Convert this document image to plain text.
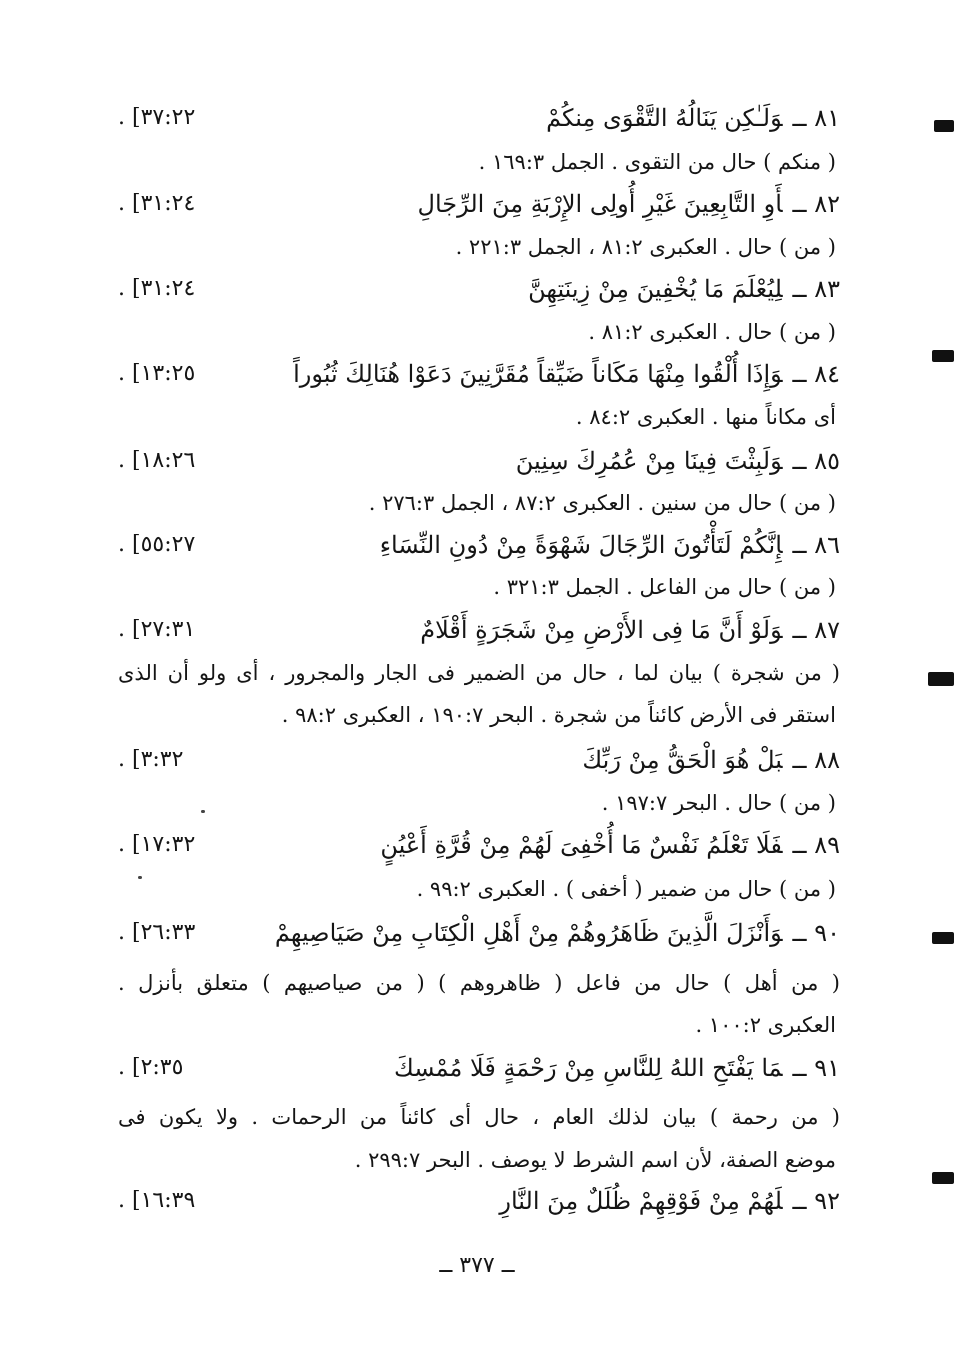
. [٣٧:٢٢	٨١ ــوَلَـٰكِن يَنَالُهُ التَّقْوَى مِنكُمْ
( منكم ) حال من التقوى . الجمل ١٦٩:٣ .
. [٣١:٢٤	٨٢ ــأَوِ التَّابِعِينَ غَيْرِ أُولِى الإِرْبَةِ مِنَ الرِّجَالِ
( من ) حال . العكبرى ٨١:٢ ، الجمل ٢٢١:٣ .
. [٣١:٢٤	٨٣ ــلِيُعْلَمَ مَا يُخْفِينَ مِنْ زِينَتِهِنَّ
( من ) حال . العكبرى ٨١:٢ .
. [١٣:٢٥	٨٤ ــوَإِذَا أُلْقُوا مِنْهَا مَكَاناً ضَيِّقاً مُقَرَّنِينَ دَعَوْا هُنَالِكَ ثُبُوراً
أى مكاناً منها . العكبرى ٨٤:٢ .
. [١٨:٢٦	٨٥ ــوَلَبِثْتَ فِينَا مِنْ عُمُرِكَ سِنِينَ
( من ) حال من سنين . العكبرى ٨٧:٢ ، الجمل ٢٧٦:٣ .
. [٥٥:٢٧	٨٦ ــإِنَّكُمْ لَتَأْتُونَ الرِّجَالَ شَهْوَةً مِنْ دُونِ النِّسَاءِ
( من ) حال من الفاعل . الجمل ٣٢١:٣ .
. [٢٧:٣١	٨٧ ــوَلَوْ أَنَّ مَا فِى الأَرْضِ مِنْ شَجَرَةٍ أَقْلَامٌ
( من شجرة ) بيان لما ، حال من الضمير فى الجار والمجرور ، أى ولو أن الذى
استقر فى الأرض كائناً من شجرة . البحر ١٩٠:٧ ، العكبرى ٩٨:٢ .
. [٣:٣٢	٨٨ ــبَلْ هُوَ الْحَقُّ مِنْ رَبِّكَ
( من ) حال . البحر ١٩٧:٧ .
. [١٧:٣٢	٨٩ ــفَلَا تَعْلَمُ نَفْسٌ مَا أُخْفِىَ لَهُمْ مِنْ قُرَّةِ أَعْيُنٍ
( من ) حال من ضمير ( أخفى ) . العكبرى ٩٩:٢ .
. [٢٦:٣٣	٩٠ ــوَأَنْزَلَ الَّذِينَ ظَاهَرُوهُمْ مِنْ أَهْلِ الْكِتَابِ مِنْ صَيَاصِيهِمْ
( من أهل ) حال من فاعل ( ظاهروهم ) ( من صياصيهم ) متعلق بأنزل .
العكبرى ١٠٠:٢ .
. [٢:٣٥	٩١ ــمَا يَفْتَحِ اللهُ لِلنَّاسِ مِنْ رَحْمَةٍ فَلَا مُمْسِكَ
( من رحمة ) بيان لذلك العام ، حال أى كائناً من الرحمات . ولا يكون فى
موضع الصفة، لأن اسم الشرط لا يوصف . البحر ٢٩٩:٧ .
. [١٦:٣٩	٩٢ ــلَهُمْ مِنْ فَوْقِهِمْ ظُلَلٌ مِنَ النَّارِ
ــ ٣٧٧ ــ
